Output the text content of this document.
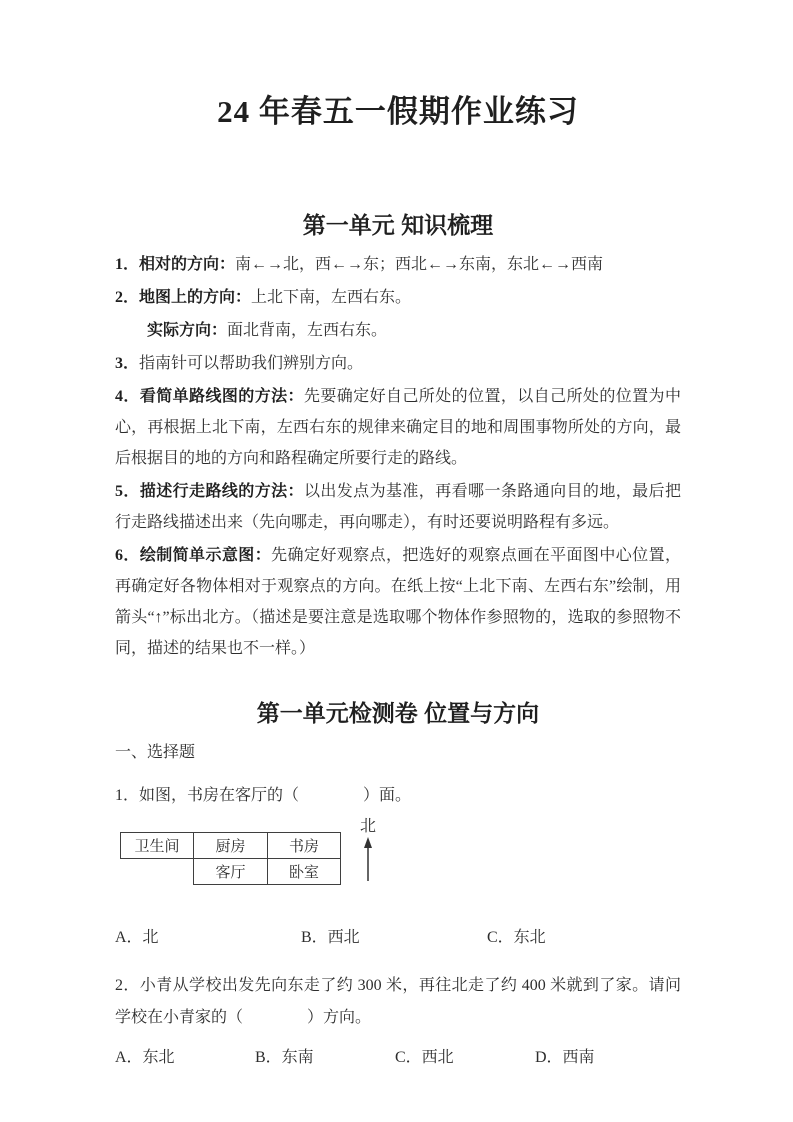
24 年春五一假期作业练习
第一单元 知识梳理

1．相对的方向：南←→北，西←→东；西北←→东南，东北←→西南

2．地图上的方向：上北下南，左西右东。

实际方向：面北背南，左西右东。

3．指南针可以帮助我们辨别方向。

4．看简单路线图的方法：先要确定好自己所处的位置，以自己所处的位置为中心，再根据上北下南，左西右东的规律来确定目的地和周围事物所处的方向，最后根据目的地的方向和路程确定所要行走的路线。

5．描述行走路线的方法：以出发点为基准，再看哪一条路通向目的地，最后把行走路线描述出来（先向哪走，再向哪走），有时还要说明路程有多远。

6．绘制简单示意图：先确定好观察点，把选好的观察点画在平面图中心位置，再确定好各物体相对于观察点的方向。在纸上按“上北下南、左西右东”绘制，用箭头“↑”标出北方。（描述是要注意是选取哪个物体作参照物的，选取的参照物不同，描述的结果也不一样。）

第一单元检测卷 位置与方向
一、选择题

1．如图，书房在客厅的（　　　　）面。

卫生间	厨房	书房
	客厅	卧室
北
A．北	B．西北	C．东北

2．小青从学校出发先向东走了约 300 米，再往北走了约 400 米就到了家。请问学校在小青家的（　　　　）方向。

A．东北	B．东南	C．西北	D．西南
